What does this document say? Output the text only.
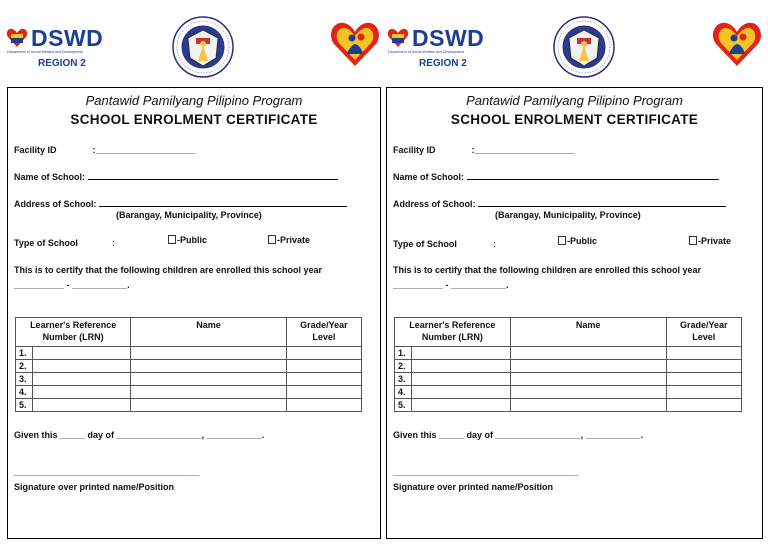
DSWD
Department of Social Welfare and Development
REGION 2
Pantawid Pamilyang Pilipino Program
SCHOOL ENROLMENT CERTIFICATE
Facility ID	:____________________
Name of School:
Address of School:
(Barangay, Municipality, Province)
Type of School	:	-Public	-Private
This is to certify that the following children are enrolled this school year
__________ - ___________.
Learner's Reference Number (LRN)		Name	Grade/Year Level
1.			
2.			
3.			
4.			
5.			
Given this _____ day of _________________, ___________.
_____________________________________
Signature over printed name/Position
DSWD
Department of Social Welfare and Development
REGION 2
Pantawid Pamilyang Pilipino Program
SCHOOL ENROLMENT CERTIFICATE
Facility ID	:____________________
Name of School:
Address of School:
(Barangay, Municipality, Province)
Type of School	:	-Public	-Private
This is to certify that the following children are enrolled this school year
__________ - ___________.
Learner's Reference Number (LRN)		Name	Grade/Year Level
1.			
2.			
3.			
4.			
5.			
Given this _____ day of _________________, ___________.
_____________________________________
Signature over printed name/Position
